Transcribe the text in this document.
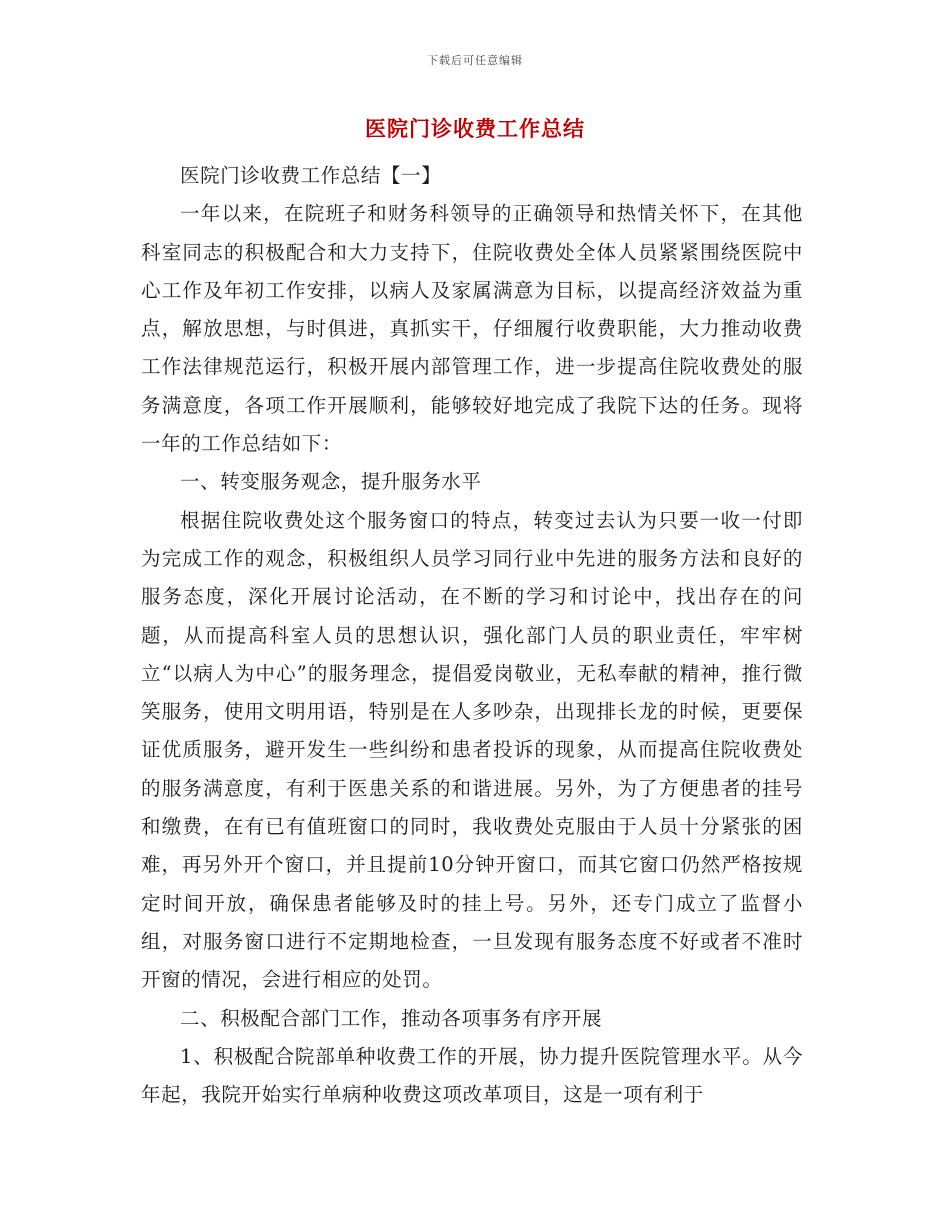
下载后可任意编辑
医院门诊收费工作总结

医院门诊收费工作总结【一】

一年以来，在院班子和财务科领导的正确领导和热情关怀下，在其他科室同志的积极配合和大力支持下，住院收费处全体人员紧紧围绕医院中心工作及年初工作安排，以病人及家属满意为目标，以提高经济效益为重点，解放思想，与时俱进，真抓实干，仔细履行收费职能，大力推动收费工作法律规范运行，积极开展内部管理工作，进一步提高住院收费处的服务满意度，各项工作开展顺利，能够较好地完成了我院下达的任务。现将一年的工作总结如下：

一、转变服务观念，提升服务水平

根据住院收费处这个服务窗口的特点，转变过去认为只要一收一付即为完成工作的观念，积极组织人员学习同行业中先进的服务方法和良好的服务态度，深化开展讨论活动，在不断的学习和讨论中，找出存在的问题，从而提高科室人员的思想认识，强化部门人员的职业责任，牢牢树立“以病人为中心”的服务理念，提倡爱岗敬业，无私奉献的精神，推行微笑服务，使用文明用语，特别是在人多吵杂，出现排长龙的时候，更要保证优质服务，避开发生一些纠纷和患者投诉的现象，从而提高住院收费处的服务满意度，有利于医患关系的和谐进展。另外，为了方便患者的挂号和缴费，在有已有值班窗口的同时，我收费处克服由于人员十分紧张的困难，再另外开个窗口，并且提前10分钟开窗口，而其它窗口仍然严格按规定时间开放，确保患者能够及时的挂上号。另外，还专门成立了监督小组，对服务窗口进行不定期地检查，一旦发现有服务态度不好或者不准时开窗的情况，会进行相应的处罚。

二、积极配合部门工作，推动各项事务有序开展

1、积极配合院部单种收费工作的开展，协力提升医院管理水平。从今年起，我院开始实行单病种收费这项改革项目，这是一项有利于
